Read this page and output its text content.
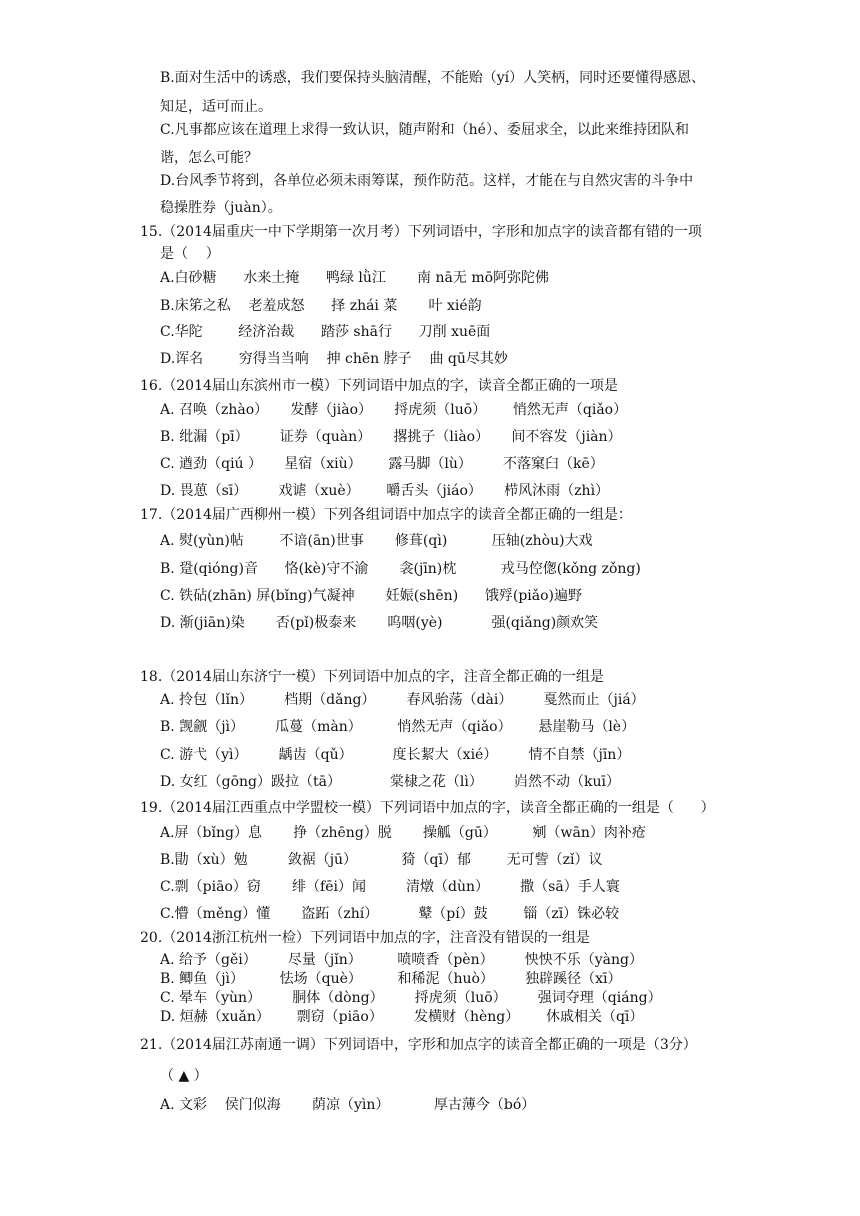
B.面对生活中的诱惑，我们要保持头脑清醒，不能贻（yí）人笑柄，同时还要懂得感恩、
知足，适可而止。
C.凡事都应该在道理上求得一致认识，随声附和（hé）、委屈求全，以此来维持团队和
谐，怎么可能？
D.台风季节将到，各单位必须未雨筹谋，预作防范。这样，才能在与自然灾害的斗争中
稳操胜券（juàn）。
15.（2014届重庆一中下学期第一次月考）下列词语中，字形和加点字的读音都有错的一项
是（    ）
A.白砂糖      水来土掩      鸭绿 lǜ江       南 nā无 mō阿弥陀佛
B.床笫之私    老羞成怒      择 zhái 菜       叶 xié韵
C.华陀        经济治裁      踏莎 shā行      刀削 xuē面
D.诨名        穷得当当响    抻 chēn 脖子    曲 qū尽其妙
16.（2014届山东滨州市一模）下列词语中加点的字，读音全都正确的一项是
A. 召唤（zhào）     发酵（jiào）     捋虎须（luō）      悄然无声（qiǎo）
B. 纰漏（pī）       证券（quàn）     撂挑子（liào）     间不容发（jiàn）
C. 遒劲（qiú ）     星宿（xiù）      露马脚（lù）       不落窠臼（kē）
D. 畏葸（sī）       戏谑（xuè）      嚼舌头（jiáo）     栉风沐雨（zhì）
17.（2014届广西柳州一模）下列各组词语中加点字的读音全都正确的一组是：
A. 熨(yùn)帖        不谙(ān)世事       修葺(qì)          压轴(zhòu)大戏
B. 跫(qióng)音      恪(kè)守不渝       衾(jīn)枕          戎马倥偬(kǒng zǒng)
C. 铁砧(zhān) 屏(bǐng)气凝神       妊娠(shēn)      饿殍(piǎo)遍野
D. 渐(jiān)染       否(pǐ)极泰来       呜咽(yè)           强(qiǎng)颜欢笑
18.（2014届山东济宁一模）下列词语中加点的字，注音全都正确的一组是
A. 拎包（lǐn）       档期（dǎng）       春风骀荡（dài）       戛然而止（jiá）
B. 觊觎（jì）       瓜蔓（màn）        悄然无声（qiǎo）      悬崖勒马（lè）
C. 游弋（yì）       龋齿（qǔ）         度长絜大（xié）       情不自禁（jīn）
D. 女红（gōng）趿拉（tā）           棠棣之花（lì）       岿然不动（kuī）
19.（2014届江西重点中学盟校一模）下列词语中加点的字，读音全都正确的一组是（      ）
A.屏（bǐng）息       挣（zhēng）脱       操觚（gū）        剜（wān）肉补疮
B.勖（xù）勉         敛裾（jū）          猗（qī）郁        无可訾（zǐ）议
C.剽（piāo）窃       绯（fēi）闻         清燉（dùn）       撒（sā）手人寰
C.懵（měng）懂       盗跖（zhí）         鼙（pí）鼓        锱（zī）铢必较
20.（2014浙江杭州一检）下列词语中加点的字，注音没有错误的一组是
A. 给予（gěi）       尽量（jǐn）        喷喷香（pèn）       怏怏不乐（yàng）
B. 鲫鱼（jì）        怯场（què）        和稀泥（huò）       独辟蹊径（xī）
C. 晕车（yùn）       胴体（dòng）       捋虎须（luō）       强词夺理（qiáng）
D. 烜赫（xuǎn）      剽窃（piāo）       发横财（hèng）      休戚相关（qī）
21.（2014届江苏南通一调）下列词语中，字形和加点字的读音全都正确的一项是（3分）
（ ▲ ）
A. 文彩    侯门似海       荫凉（yìn）          厚古薄今（bó）
